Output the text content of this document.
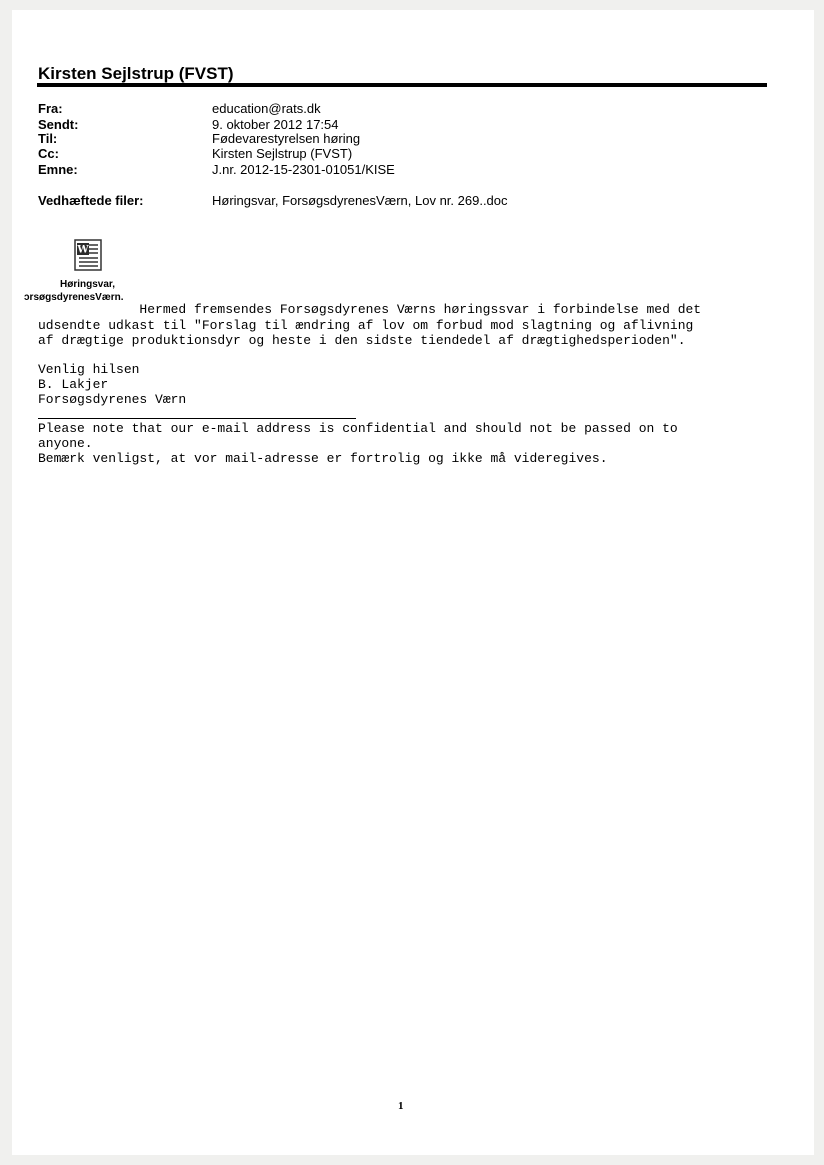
Kirsten Sejlstrup (FVST)
Fra:	education@rats.dk
Sendt:	9. oktober 2012 17:54
Til:	Fødevarestyrelsen høring
Cc:	Kirsten Sejlstrup (FVST)
Emne:	J.nr. 2012-15-2301-01051/KISE
Vedhæftede filer:	Høringsvar, ForsøgsdyrenesVærn, Lov nr. 269..doc
W
Høringsvar,
ɔrsøgsdyrenesVærn.
Hermed fremsendes Forsøgsdyrenes Værns høringssvar i forbindelse med det
udsendte udkast til "Forslag til ændring af lov om forbud mod slagtning og aflivning
af drægtige produktionsdyr og heste i den sidste tiendedel af drægtighedsperioden".
Venlig hilsen
B. Lakjer
Forsøgsdyrenes Værn
Please note that our e-mail address is confidential and should not be passed on to
anyone.
Bemærk venligst, at vor mail-adresse er fortrolig og ikke må videregives.
1
